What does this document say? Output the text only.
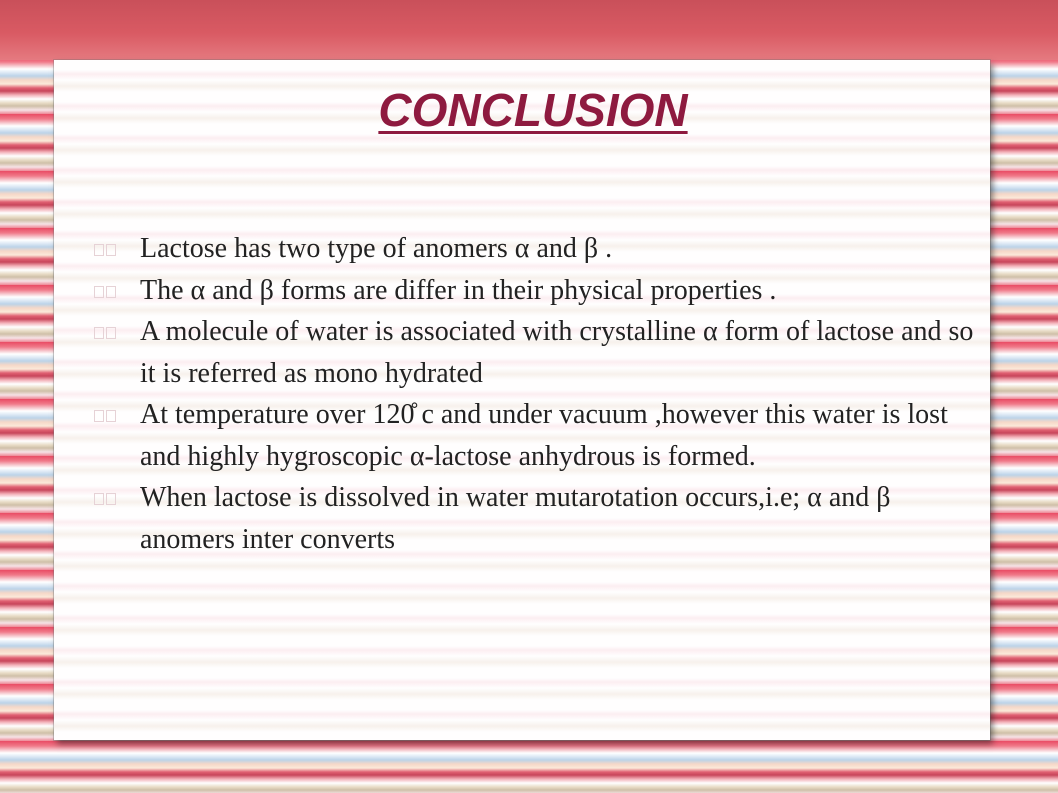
CONCLUSION
Lactose has two type of anomers α and β .
The α and β forms are differ in their physical properties .
A molecule of water is associated with crystalline α form of lactose and so it is referred as mono hydrated
At temperature over 120̊ c and under vacuum ,however this water is lost and highly hygroscopic α-lactose anhydrous is formed.
When lactose is dissolved in water mutarotation occurs,i.e; α and β anomers inter converts
